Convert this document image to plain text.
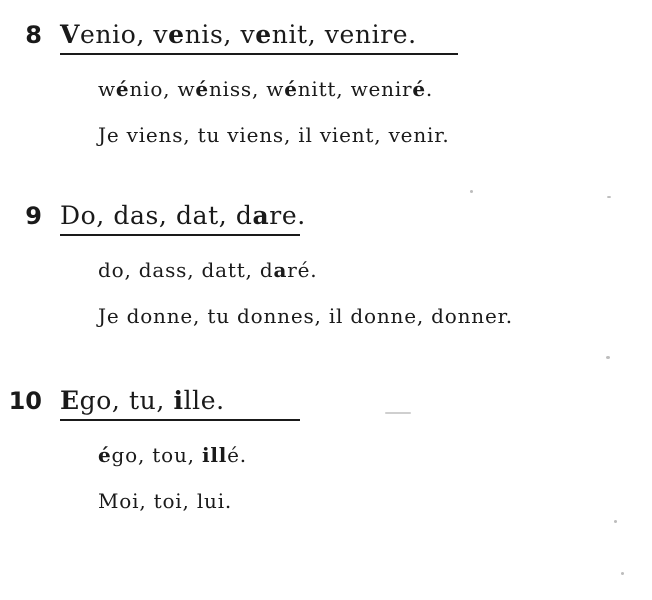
8 Venio, venis, venit, venire.
wénio, wéniss, wénitt, weniré.
Je viens, tu viens, il vient, venir.
9 Do, das, dat, dare.
do, dass, datt, daré.
Je donne, tu donnes, il donne, donner.
10 Ego, tu, ille.
égo, tou, illé.
Moi, toi, lui.
